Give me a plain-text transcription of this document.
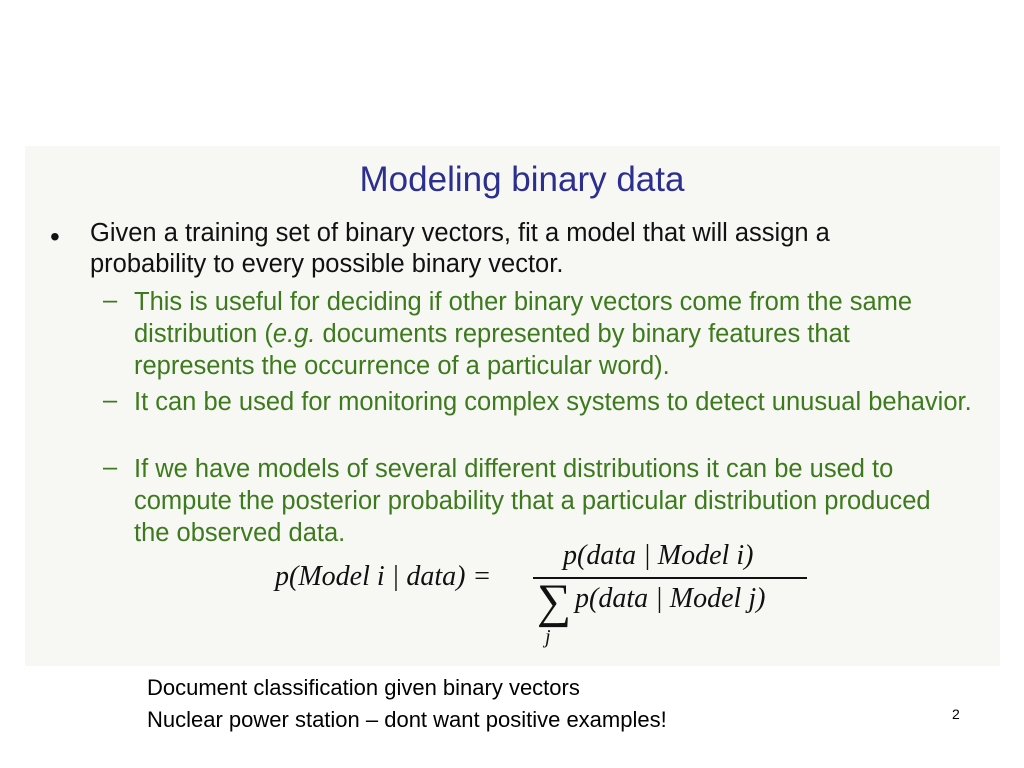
Modeling binary data
• Given a training set of binary vectors, fit a model that will assign a probability to every possible binary vector.
– This is useful for deciding if other binary vectors come from the same distribution (e.g. documents represented by binary features that represents the occurrence of a particular word).
– It can be used for monitoring complex systems to detect unusual behavior.
– If we have models of several different distributions it can be used to compute the posterior probability that a particular distribution produced the observed data.
p(Model i | data) =
p(data | Model i)
∑ p(data | Model j)
j
Document classification given binary vectors
Nuclear power station – dont want positive examples!	2
